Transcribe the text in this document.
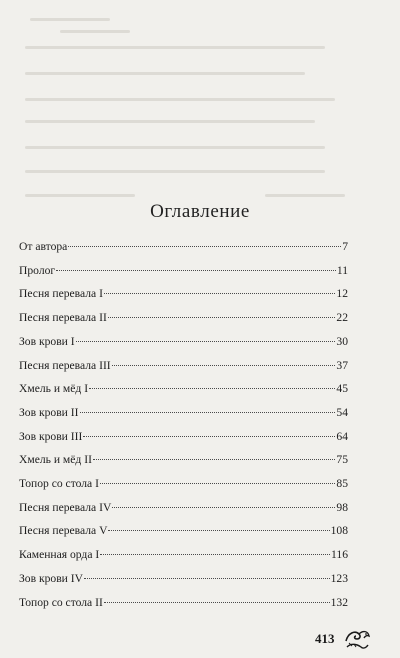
Оглавление
От автора	7
Пролог	11
Песня перевала I	12
Песня перевала II	22
Зов крови I	30
Песня перевала III	37
Хмель и мёд I	45
Зов крови II	54
Зов крови III	64
Хмель и мёд II	75
Топор со стола I	85
Песня перевала IV	98
Песня перевала V	108
Каменная орда I	116
Зов крови IV	123
Топор со стола II	132
413
